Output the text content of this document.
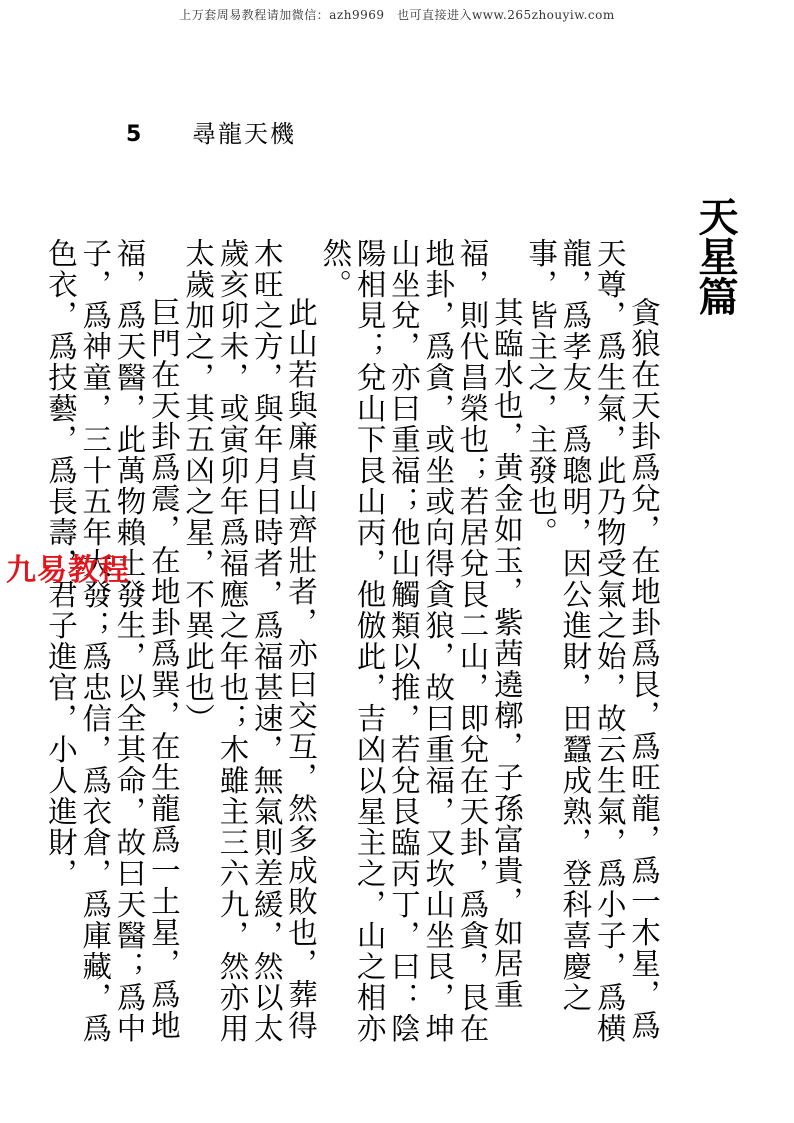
上万套周易教程请加微信：azh9969　也可直接进入www.265zhouyiw.com
5 尋龍天機
天星篇

貪狼在天卦爲兌，在地卦爲艮，爲旺龍，爲一木星，爲天尊，爲生氣，此乃物受氣之始，故云生氣，爲小子，爲横龍，爲孝友，爲聰明，因公進財，田蠶成熟，登科喜慶之事，皆主之，主發也。

其臨水也，黄金如玉，紫茜遶槨，子孫富貴，如居重福，則代昌榮也；若居兌艮二山，即兌在天卦，爲貪，艮在地卦，爲貪，或坐或向得貪狼，故曰重福，又坎山坐艮，坤山坐兌，亦曰重福；他山觸類以推，若兌艮臨丙丁，曰：陰陽相見；兌山下艮山丙，他倣此，吉凶以星主之，山之相亦然。

此山若與廉貞山齊壯者，亦曰交互，然多成敗也，葬得木旺之方，與年月日時者，爲福甚速，無氣則差緩，然以太歲亥卯未，或寅卯年爲福應之年也；木雖主三六九，然亦用太歲加之，其五凶之星，不異此也）

巨門在天卦爲震，在地卦爲巽，在生龍爲一土星，爲地福，爲天醫，此萬物賴土發生，以全其命，故曰天醫；爲中子，爲神童，三十五年大發；爲忠信，爲衣倉，爲庫藏，爲色衣，爲技藝，爲長壽，君子進官，小人進財，

九易教程
